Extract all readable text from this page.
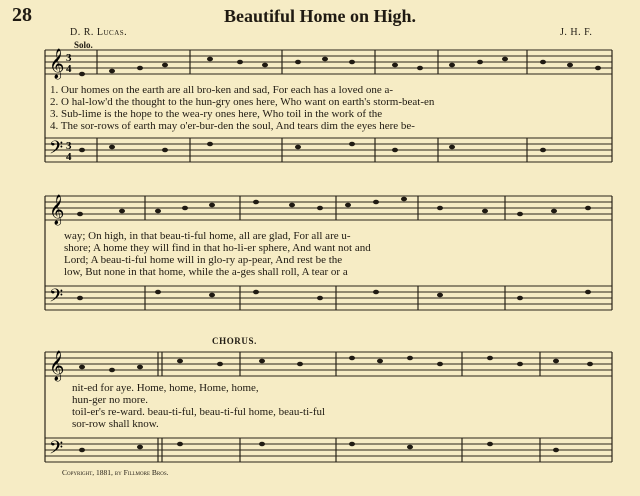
28	Beautiful Home on High.
D. R. Lucas.	J. H. F.
Solo.
CHORUS.
𝄞
𝄢
3
4
3
4
𝄞
𝄢
𝄞
𝄢
1. Our homes on the earth are all bro-ken and sad, For each has a loved one a-
2. O hal-low'd the thought to the hun-gry ones here, Who want on earth's storm-beat-en
3. Sub-lime is the hope to the wea-ry ones here, Who toil in the work of the
4. The sor-rows of earth may o'er-bur-den the soul, And tears dim the eyes here be-
way; On high, in that beau-ti-ful home, all are glad, For all are u-
shore; A home they will find in that ho-li-er sphere, And want not and
Lord; A beau-ti-ful home will in glo-ry ap-pear, And rest be the
low, But none in that home, while the a-ges shall roll, A tear or a
nit-ed for aye. Home, home, Home, home,
hun-ger no more.
toil-er's re-ward. beau-ti-ful, beau-ti-ful home, beau-ti-ful
sor-row shall know.
Copyright, 1881, by Fillmore Bros.
